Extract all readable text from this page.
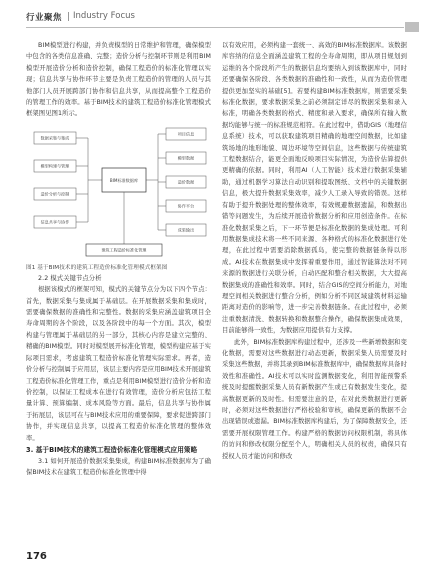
行业聚焦 Industry Focus

BIM模型进行构建，并负责模型的日常维护和管理，确保模型中包含的各类信息准确、完整；造价分析与控制环节则是利用BIM模型开展造价分析和造价控制，确保工程造价的标准化管理以实现；信息共享与协作环节主要是负责工程造价的管理的人员与其他部门人员开展跨部门协作和信息共享，从而提高整个工程造价的管理工作的效率。基于BIM技术的建筑工程造价标准化管理模式框架图见图1所示。

数据采集与集成
模型构建与管理
造价分析与控制
信息共享与协作
BIM标准数据库
项目信息
模型数据
造价数据
协作平台
成果输出
建筑工程造价标准化管理

图1 基于BIM技术的建筑工程造价标准化管理模式框架图

2.2 模式关键节点分析

根据该模式的框架可知，模式的关键节点分为以下四个节点：首先，数据采集与集成属于基础层。在开展数据采集和集成时，需要确保数据的准确性和完整性。数据的采集应涵盖建筑项目全寿命周期的各个阶段，以及各阶段中的每一个方面。其次，模型构建与管理属于基础层的另一部分，其核心内容是建立完整的、精确的BIM模型。同时对模型展开标准化管理，模型构建应基于实际项目需求，考虑建筑工程造价标准化管理实际需求。再者，造价分析与控制属于应用层，该层主要内容是应用BIM技术开展建筑工程造价标准化管理工作，重点是利用BIM模型进行造价分析和造价控制，以保证工程成本在进行有效管理，造价分析应包括工程量计算、预算编制、成本风险等方面。最后，信息共享与协作属于拓展层，该层可在与BIM技术应用的重要保障，要求促进跨部门协作，并实现信息共享，以提高工程造价标准化管理的整体效率。

3. 基于BIM技术的建筑工程造价标准化管理模式应用策略

3.1 如何开展造价数据采集集成，构建BIM标准数据库为了确保BIM技术在建筑工程造价标准化管理中得

以有效应用，必须构建一套统一、高效的BIM标准数据库。该数据库容纳的信息全面涵盖建筑工程的全寿命周期，即从项目规划到运维的各个阶段所产生的数据信息均要纳入到该数据库中，同时还要确保各阶段、各类数据的准确性和一致性，从而为造价管理提供更加坚实的基础[5]。若要构建BIM标准数据库，则需要采集标准化数据，要求数据采集之前必须制定详尽的数据采集和录入标准，明确各类数据的格式、精度和录入要求，确保所有输入数据均能够与统一的标准规范相符。在此过程中，借助GIS（地理信息系统）技术，可以获取建筑项目精确的地理空间数据，比如建筑场地的地形地貌、周边环境等空间信息，这些数据与传统建筑工程数据结合，能更全面地反映项目实际情况，为造价估算提供更精确的依据。同时，利用AI（人工智能）技术进行数据采集辅助，通过机器学习算法自动识别和提取图纸、文档中的关键数据信息，极大提升数据采集效率，减少人工录入导致的错误。这样有助于提升数据处理的整体效率，有效规避数据遗漏，和数据出错等问题发生，为后续开展造价数据分析和应用创造条件。在标准化数据采集之后，下一环节便是标准化数据的集成处理。可利用数据集成技术将一些不同来源、各种格式的标准化数据进行处理，在此过程中需要消除数据孤岛，使完整的数据链条得以形成。AI技术在数据集成中发挥着重要作用，通过智能算法对不同来源的数据进行关联分析，自动匹配和整合相关数据，大大提高数据集成的准确性和效率。同时，结合GIS的空间分析能力，对地理空间相关数据进行整合分析，例如分析不同区域建筑材料运输距离对造价的影响等，进一步完善数据链条。在此过程中，必须注重数据清洗、数据转换和数据整合操作，确保数据集成效果，目前能够得一致性，为数据应用提供有力支撑。

此外，BIM标准数据库构建过程中，还涉及一些新增数据和变化数据，需要对这些数据进行动态更新，数据采集人员需要及时采集这些数据，并将其录到BIM标准数据库中，确保数据库具备时效性和准确性。AI技术可以实时监测数据变化，利用智能预警系统及时提醒数据采集人员有新数据产生或已有数据发生变化，提高数据更新的及时性。但需要注意的是，在对此类数据进行更新时，必须对这些数据进行严格校验和审核，确保更新的数据不会出现错误或遗漏。BIM标准数据库构建后，为了保障数据安全，还需要开展权限管理工作。构建严格的数据访问权限机制，将具体的访问和修改权限分配至个人，明确相关人员的权责，确保只有授权人员才能访问和修改

176
